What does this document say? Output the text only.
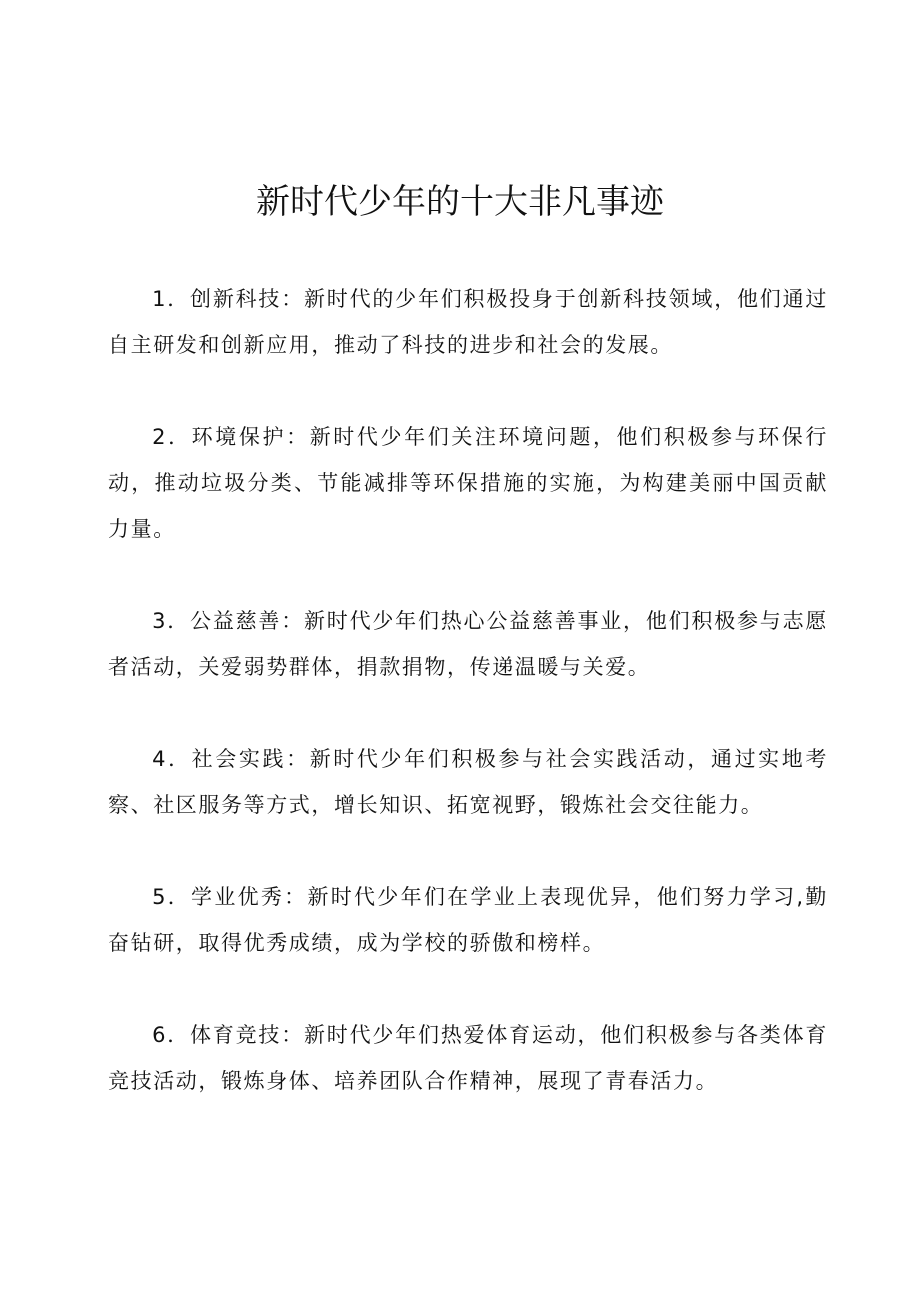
新时代少年的十大非凡事迹

1．创新科技：新时代的少年们积极投身于创新科技领域，他们通过自主研发和创新应用，推动了科技的进步和社会的发展。

2．环境保护：新时代少年们关注环境问题，他们积极参与环保行动，推动垃圾分类、节能减排等环保措施的实施，为构建美丽中国贡献力量。

3．公益慈善：新时代少年们热心公益慈善事业，他们积极参与志愿者活动，关爱弱势群体，捐款捐物，传递温暖与关爱。

4．社会实践：新时代少年们积极参与社会实践活动，通过实地考察、社区服务等方式，增长知识、拓宽视野，锻炼社会交往能力。

5．学业优秀：新时代少年们在学业上表现优异，他们努力学习,勤奋钻研，取得优秀成绩，成为学校的骄傲和榜样。

6．体育竞技：新时代少年们热爱体育运动，他们积极参与各类体育竞技活动，锻炼身体、培养团队合作精神，展现了青春活力。
